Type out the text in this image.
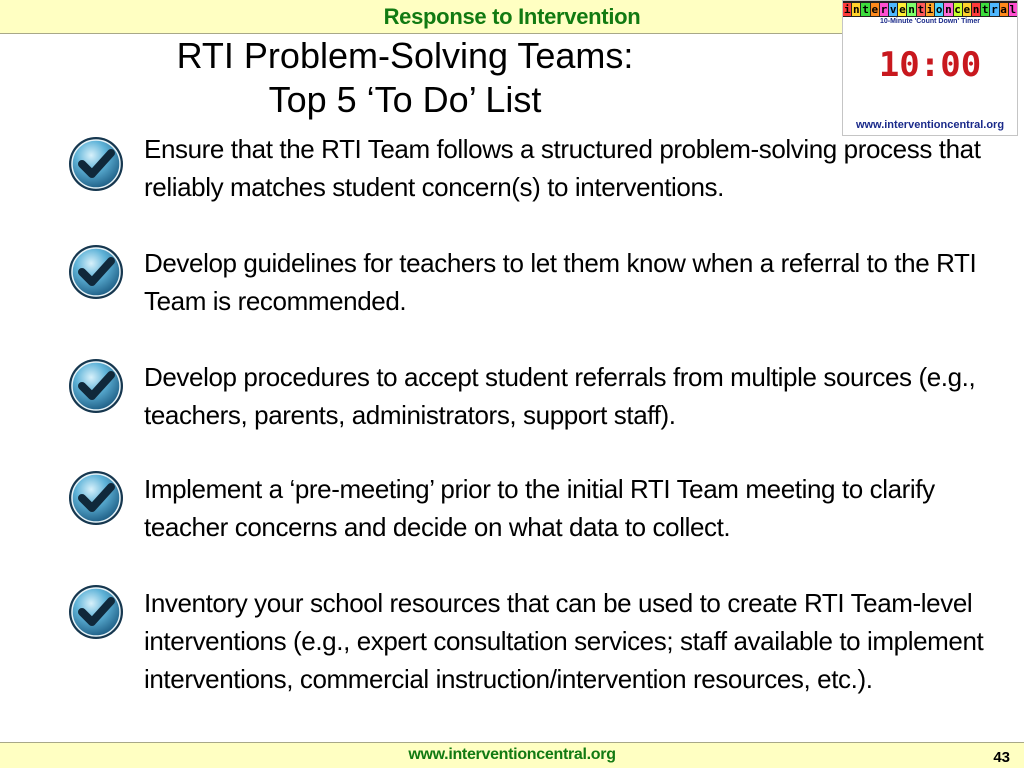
Response to Intervention	i n t e r v e n t i o n c e n t r a l
10-Minute 'Count Down' Timer
10:00
www.interventioncentral.org
RTI Problem-Solving Teams:
Top 5 ‘To Do’ List
Ensure that the RTI Team follows a structured problem-solving process that reliably matches student concern(s) to interventions.
Develop guidelines for teachers to let them know when a referral to the RTI Team is recommended.
Develop procedures to accept student referrals from multiple sources (e.g., teachers, parents, administrators, support staff).
Implement a ‘pre-meeting’ prior to the initial RTI Team meeting to clarify teacher concerns and decide on what data to collect.
Inventory your school resources that can be used to create RTI Team-level interventions (e.g., expert consultation services; staff available to implement interventions, commercial instruction/intervention resources, etc.).
www.interventioncentral.org	43
